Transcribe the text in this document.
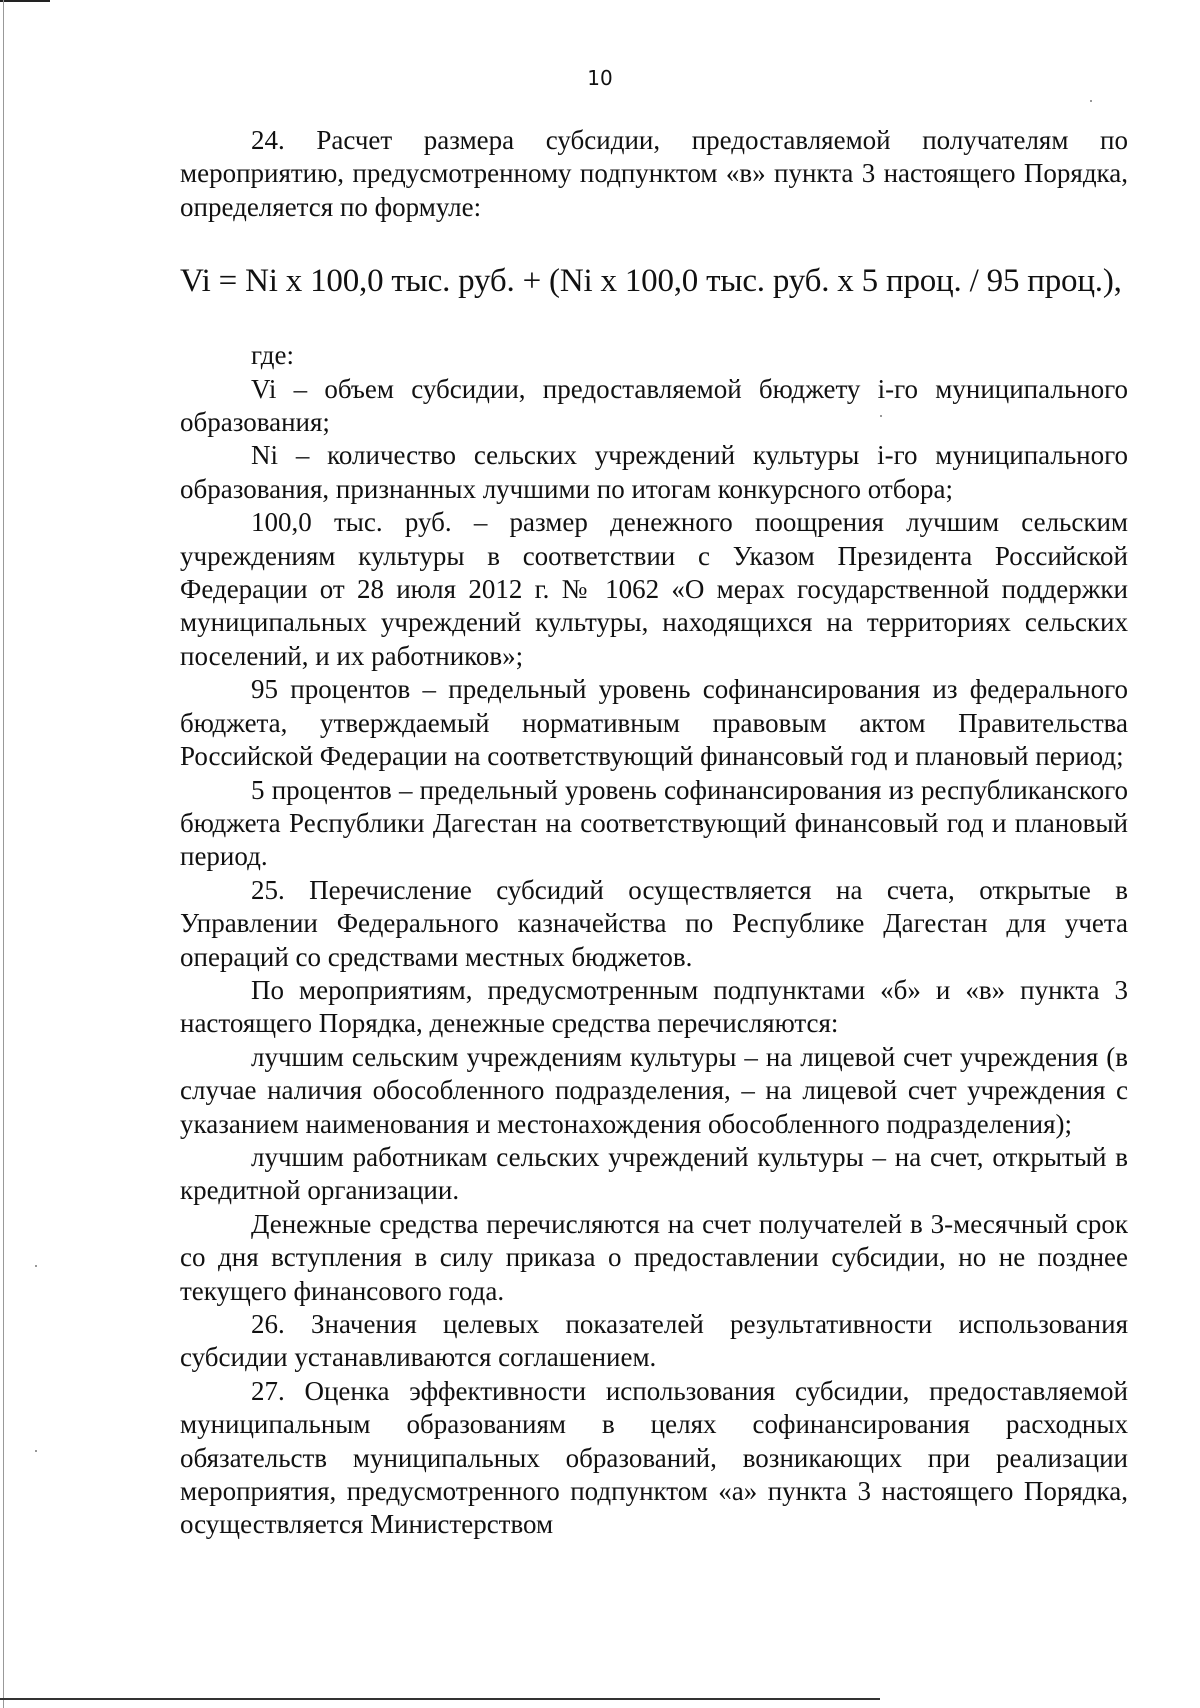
10

24. Расчет размера субсидии, предоставляемой получателям по мероприятию, предусмотренному подпунктом «в» пункта 3 настоящего Порядка, определяется по формуле:

Vi = Ni x 100,0 тыс. руб. + (Ni x 100,0 тыс. руб. x 5 проц. / 95 проц.),

где:

Vi – объем субсидии, предоставляемой бюджету i-го муниципального образования;

Ni – количество сельских учреждений культуры i-го муниципального образования, признанных лучшими по итогам конкурсного отбора;

100,0 тыс. руб. – размер денежного поощрения лучшим сельским учреждениям культуры в соответствии с Указом Президента Российской Федерации от 28 июля 2012 г. № 1062 «О мерах государственной поддержки муниципальных учреждений культуры, находящихся на территориях сельских поселений, и их работников»;

95 процентов – предельный уровень софинансирования из федерального бюджета, утверждаемый нормативным правовым актом Правительства Российской Федерации на соответствующий финансовый год и плановый период;

5 процентов – предельный уровень софинансирования из республиканского бюджета Республики Дагестан на соответствующий финансовый год и плановый период.

25. Перечисление субсидий осуществляется на счета, открытые в Управлении Федерального казначейства по Республике Дагестан для учета операций со средствами местных бюджетов.

По мероприятиям, предусмотренным подпунктами «б» и «в» пункта 3 настоящего Порядка, денежные средства перечисляются:

лучшим сельским учреждениям культуры – на лицевой счет учреждения (в случае наличия обособленного подразделения, – на лицевой счет учреждения с указанием наименования и местонахождения обособленного подразделения);

лучшим работникам сельских учреждений культуры – на счет, открытый в кредитной организации.

Денежные средства перечисляются на счет получателей в 3-месячный срок со дня вступления в силу приказа о предоставлении субсидии, но не позднее текущего финансового года.

26. Значения целевых показателей результативности использования субсидии устанавливаются соглашением.

27. Оценка эффективности использования субсидии, предоставляемой муниципальным образованиям в целях софинансирования расходных обязательств муниципальных образований, возникающих при реализации мероприятия, предусмотренного подпунктом «а» пункта 3 настоящего Порядка, осуществляется Министерством
